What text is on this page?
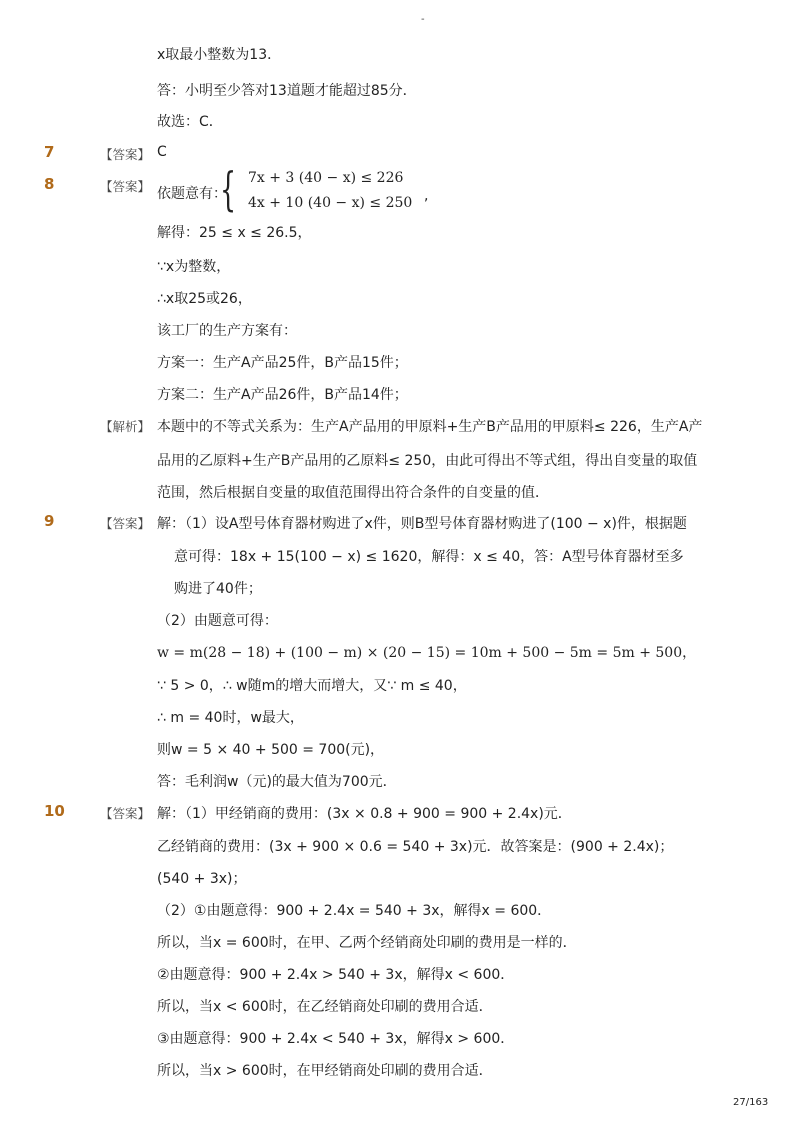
-
x取最小整数为13．
答：小明至少答对13道题才能超过85分．
故选：C．
7	【答案】 C
8	【答案】 依题意有：
{ 7x + 3 (40 − x) ≤ 226
4x + 10 (40 − x) ≤ 250 ,
解得：25 ≤ x ≤ 26.5，
∵x为整数，
∴x取25或26，
该工厂的生产方案有：
方案一：生产A产品25件，B产品15件；
方案二：生产A产品26件，B产品14件；
【解析】 本题中的不等式关系为：生产A产品用的甲原料+生产B产品用的甲原料≤ 226，生产A产
品用的乙原料+生产B产品用的乙原料≤ 250，由此可得出不等式组，得出自变量的取值
范围，然后根据自变量的取值范围得出符合条件的自变量的值．
9	【答案】 解：（1）设A型号体育器材购进了x件，则B型号体育器材购进了(100 − x)件，根据题
意可得：18x + 15(100 − x) ≤ 1620，解得：x ≤ 40，答：A型号体育器材至多
购进了40件；
（2）由题意可得：
w = m(28 − 18) + (100 − m) × (20 − 15) = 10m + 500 − 5m = 5m + 500，
∵ 5 > 0，∴ w随m的增大而增大，又∵ m ≤ 40，
∴ m = 40时，w最大，
则w = 5 × 40 + 500 = 700(元)，
答：毛利润w（元)的最大值为700元．
10	【答案】 解：（1）甲经销商的费用：(3x × 0.8 + 900 = 900 + 2.4x)元．
乙经销商的费用：(3x + 900 × 0.6 = 540 + 3x)元．故答案是：(900 + 2.4x)；
(540 + 3x)；
（2）①由题意得：900 + 2.4x = 540 + 3x，解得x = 600．
所以，当x = 600时，在甲、乙两个经销商处印刷的费用是一样的．
②由题意得：900 + 2.4x > 540 + 3x，解得x < 600．
所以，当x < 600时，在乙经销商处印刷的费用合适．
③由题意得：900 + 2.4x < 540 + 3x，解得x > 600．
所以，当x > 600时，在甲经销商处印刷的费用合适．
27/163
